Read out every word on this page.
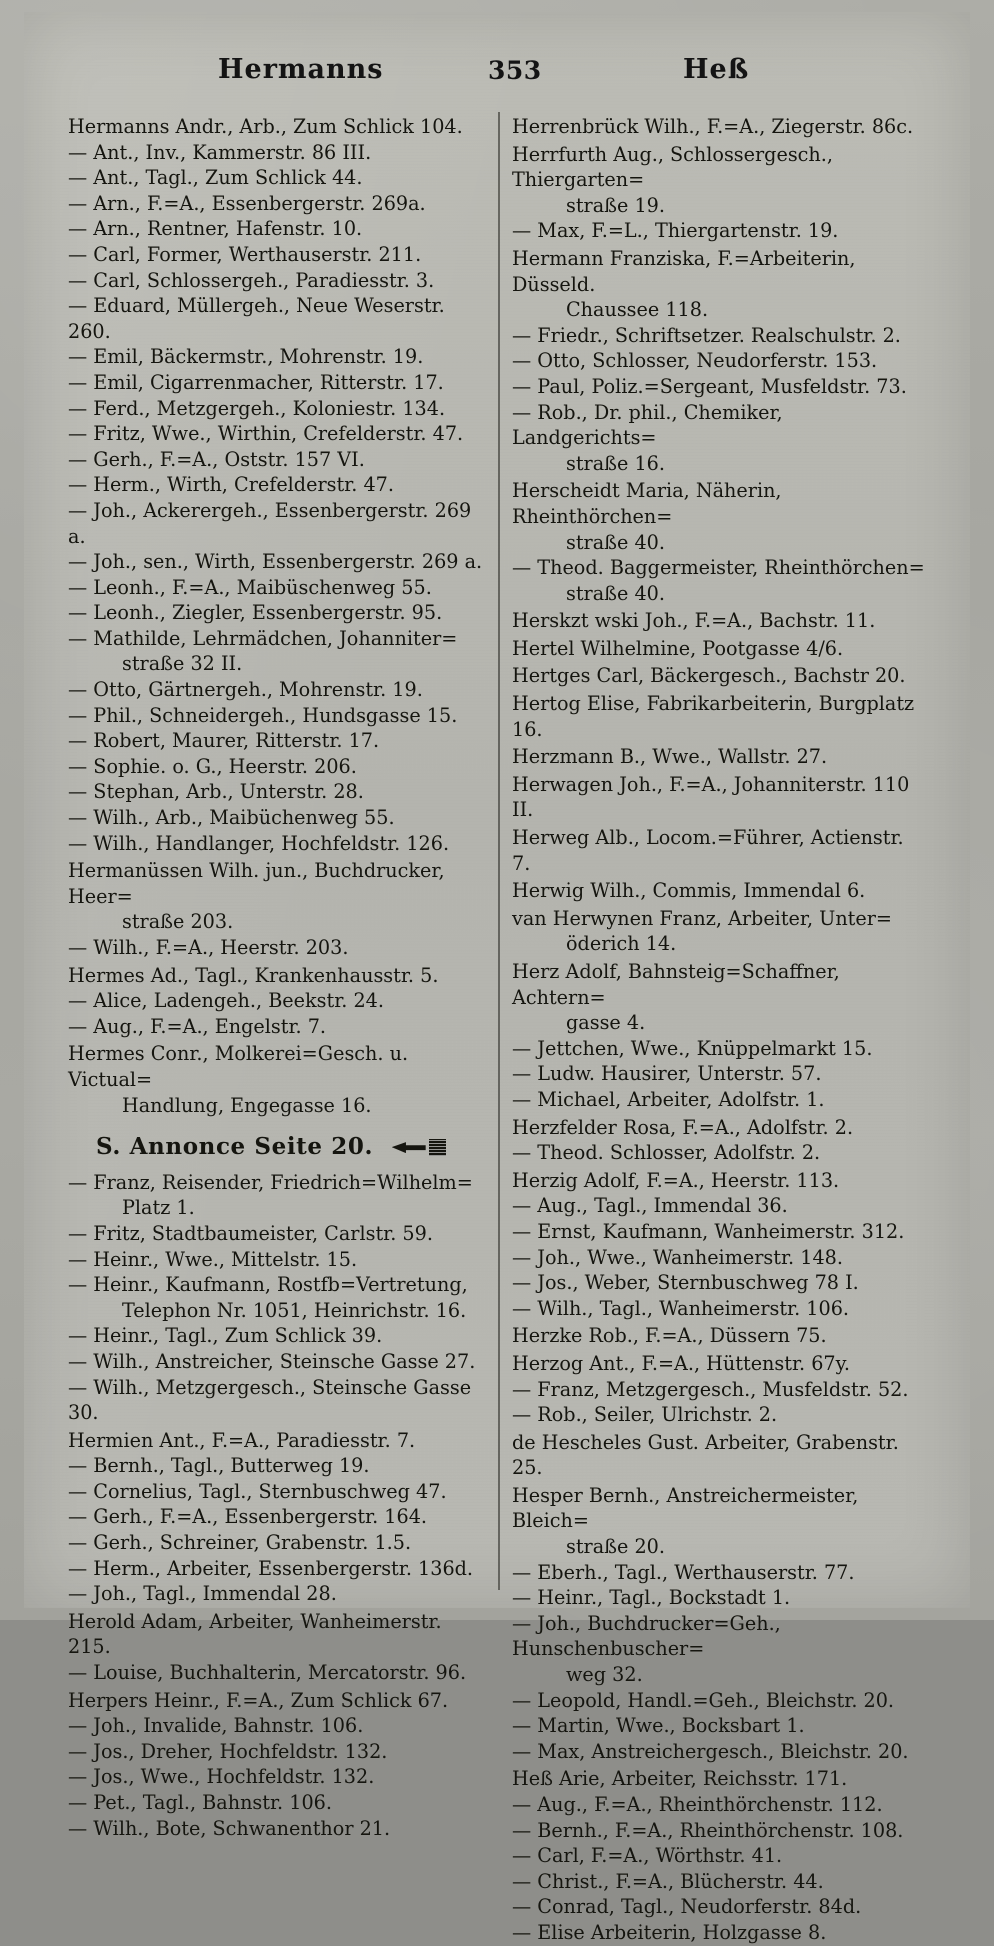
Hermanns	353	Heß
Hermanns Andr., Arb., Zum Schlick 104.
— Ant., Inv., Kammerstr. 86 III.
— Ant., Tagl., Zum Schlick 44.
— Arn., F.=A., Essenbergerstr. 269a.
— Arn., Rentner, Hafenstr. 10.
— Carl, Former, Werthauserstr. 211.
— Carl, Schlossergeh., Paradiesstr. 3.
— Eduard, Müllergeh., Neue Weserstr. 260.
— Emil, Bäckermstr., Mohrenstr. 19.
— Emil, Cigarrenmacher, Ritterstr. 17.
— Ferd., Metzgergeh., Koloniestr. 134.
— Fritz, Wwe., Wirthin, Crefelderstr. 47.
— Gerh., F.=A., Oststr. 157 VI.
— Herm., Wirth, Crefelderstr. 47.
— Joh., Ackerergeh., Essenbergerstr. 269 a.
— Joh., sen., Wirth, Essenbergerstr. 269 a.
— Leonh., F.=A., Maibüschenweg 55.
— Leonh., Ziegler, Essenbergerstr. 95.
— Mathilde, Lehrmädchen, Johanniter=
straße 32 II.
— Otto, Gärtnergeh., Mohrenstr. 19.
— Phil., Schneidergeh., Hundsgasse 15.
— Robert, Maurer, Ritterstr. 17.
— Sophie. o. G., Heerstr. 206.
— Stephan, Arb., Unterstr. 28.
— Wilh., Arb., Maibüchenweg 55.
— Wilh., Handlanger, Hochfeldstr. 126.
Hermanüssen Wilh. jun., Buchdrucker, Heer=
straße 203.
— Wilh., F.=A., Heerstr. 203.
Hermes Ad., Tagl., Krankenhausstr. 5.
— Alice, Ladengeh., Beekstr. 24.
— Aug., F.=A., Engelstr. 7.
Hermes Conr., Molkerei=Gesch. u. Victual=
Handlung, Engegasse 16.
S. Annonce Seite 20.
— Franz, Reisender, Friedrich=Wilhelm=
Platz 1.
— Fritz, Stadtbaumeister, Carlstr. 59.
— Heinr., Wwe., Mittelstr. 15.
— Heinr., Kaufmann, Rostfb=Vertretung,
Telephon Nr. 1051, Heinrichstr. 16.
— Heinr., Tagl., Zum Schlick 39.
— Wilh., Anstreicher, Steinsche Gasse 27.
— Wilh., Metzgergesch., Steinsche Gasse 30.
Hermien Ant., F.=A., Paradiesstr. 7.
— Bernh., Tagl., Butterweg 19.
— Cornelius, Tagl., Sternbuschweg 47.
— Gerh., F.=A., Essenbergerstr. 164.
— Gerh., Schreiner, Grabenstr. 1.5.
— Herm., Arbeiter, Essenbergerstr. 136d.
— Joh., Tagl., Immendal 28.
Herold Adam, Arbeiter, Wanheimerstr. 215.
— Louise, Buchhalterin, Mercatorstr. 96.
Herpers Heinr., F.=A., Zum Schlick 67.
— Joh., Invalide, Bahnstr. 106.
— Jos., Dreher, Hochfeldstr. 132.
— Jos., Wwe., Hochfeldstr. 132.
— Pet., Tagl., Bahnstr. 106.
— Wilh., Bote, Schwanenthor 21.
Herrenbrück Wilh., F.=A., Ziegerstr. 86c.
Herrfurth Aug., Schlossergesch., Thiergarten=
straße 19.
— Max, F.=L., Thiergartenstr. 19.
Hermann Franziska, F.=Arbeiterin, Düsseld.
Chaussee 118.
— Friedr., Schriftsetzer. Realschulstr. 2.
— Otto, Schlosser, Neudorferstr. 153.
— Paul, Poliz.=Sergeant, Musfeldstr. 73.
— Rob., Dr. phil., Chemiker, Landgerichts=
straße 16.
Herscheidt Maria, Näherin, Rheinthörchen=
straße 40.
— Theod. Baggermeister, Rheinthörchen=
straße 40.
Herskzt wski Joh., F.=A., Bachstr. 11.
Hertel Wilhelmine, Pootgasse 4/6.
Hertges Carl, Bäckergesch., Bachstr 20.
Hertog Elise, Fabrikarbeiterin, Burgplatz 16.
Herzmann B., Wwe., Wallstr. 27.
Herwagen Joh., F.=A., Johanniterstr. 110 II.
Herweg Alb., Locom.=Führer, Actienstr. 7.
Herwig Wilh., Commis, Immendal 6.
van Herwynen Franz, Arbeiter, Unter=
öderich 14.
Herz Adolf, Bahnsteig=Schaffner, Achtern=
gasse 4.
— Jettchen, Wwe., Knüppelmarkt 15.
— Ludw. Hausirer, Unterstr. 57.
— Michael, Arbeiter, Adolfstr. 1.
Herzfelder Rosa, F.=A., Adolfstr. 2.
— Theod. Schlosser, Adolfstr. 2.
Herzig Adolf, F.=A., Heerstr. 113.
— Aug., Tagl., Immendal 36.
— Ernst, Kaufmann, Wanheimerstr. 312.
— Joh., Wwe., Wanheimerstr. 148.
— Jos., Weber, Sternbuschweg 78 I.
— Wilh., Tagl., Wanheimerstr. 106.
Herzke Rob., F.=A., Düssern 75.
Herzog Ant., F.=A., Hüttenstr. 67y.
— Franz, Metzgergesch., Musfeldstr. 52.
— Rob., Seiler, Ulrichstr. 2.
de Hescheles Gust. Arbeiter, Grabenstr. 25.
Hesper Bernh., Anstreichermeister, Bleich=
straße 20.
— Eberh., Tagl., Werthauserstr. 77.
— Heinr., Tagl., Bockstadt 1.
— Joh., Buchdrucker=Geh., Hunschenbuscher=
weg 32.
— Leopold, Handl.=Geh., Bleichstr. 20.
— Martin, Wwe., Bocksbart 1.
— Max, Anstreichergesch., Bleichstr. 20.
Heß Arie, Arbeiter, Reichsstr. 171.
— Aug., F.=A., Rheinthörchenstr. 112.
— Bernh., F.=A., Rheinthörchenstr. 108.
— Carl, F.=A., Wörthstr. 41.
— Christ., F.=A., Blücherstr. 44.
— Conrad, Tagl., Neudorferstr. 84d.
— Elise Arbeiterin, Holzgasse 8.
